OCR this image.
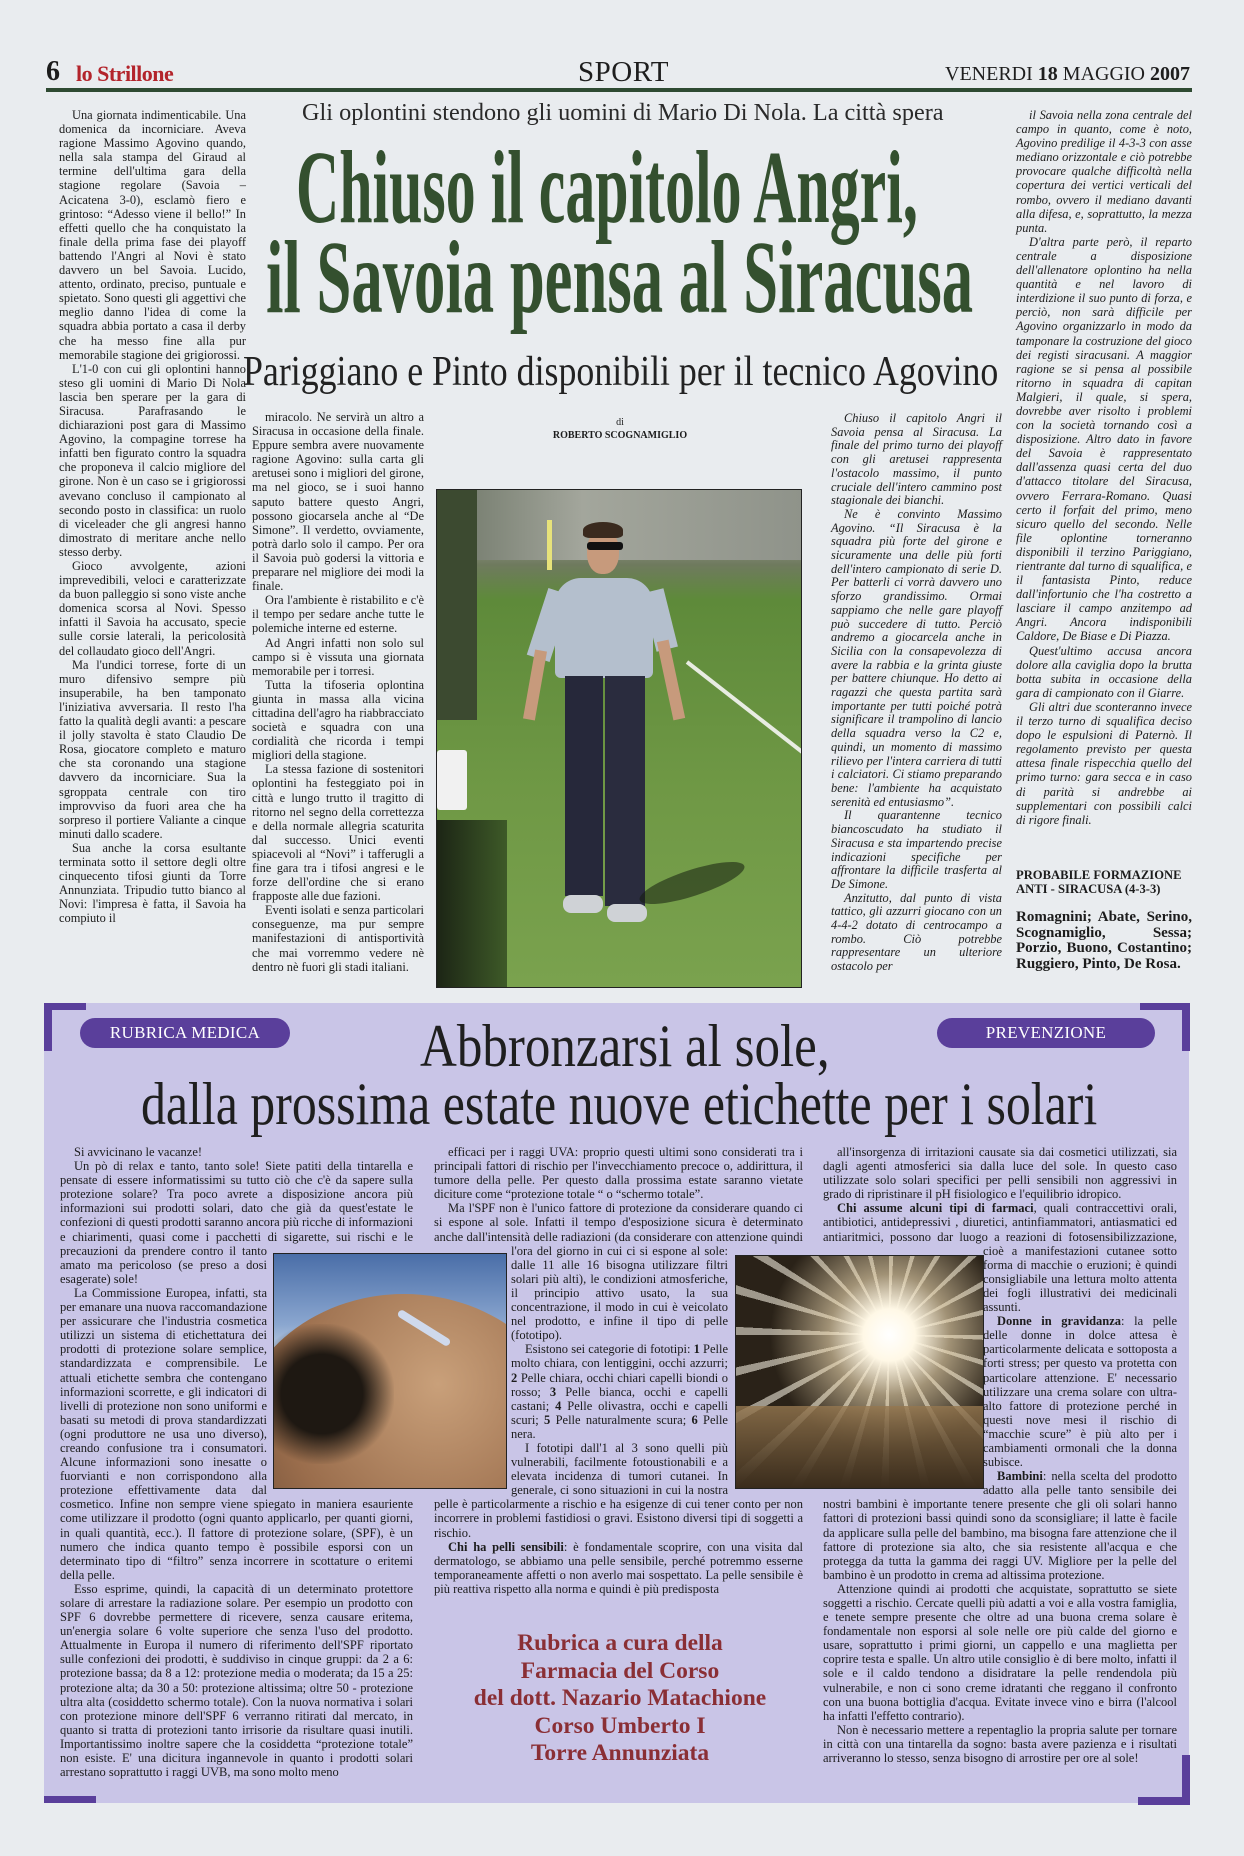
6 lo Strillone	SPORT	VENERDI 18 MAGGIO 2007
Gli oplontini stendono gli uomini di Mario Di Nola. La città spera
Chiuso il capitolo Angri,
il Savoia pensa al Siracusa
Pariggiano e Pinto disponibili per il tecnico Agovino
di
ROBERTO SCOGNAMIGLIO

Una giornata indimenticabile. Una domenica da incorniciare. Aveva ragione Massimo Agovino quando, nella sala stampa del Giraud al termine dell'ultima gara della stagione regolare (Savoia – Acicatena 3-0), esclamò fiero e grintoso: “Adesso viene il bello!” In effetti quello che ha conquistato la finale della prima fase dei playoff battendo l'Angri al Novi è stato davvero un bel Savoia. Lucido, attento, ordinato, preciso, puntuale e spietato. Sono questi gli aggettivi che meglio danno l'idea di come la squadra abbia portato a casa il derby che ha messo fine alla pur memorabile stagione dei grigiorossi.

L'1-0 con cui gli oplontini hanno steso gli uomini di Mario Di Nola lascia ben sperare per la gara di Siracusa. Parafrasando le dichiarazioni post gara di Massimo Agovino, la compagine torrese ha infatti ben figurato contro la squadra che proponeva il calcio migliore del girone. Non è un caso se i grigiorossi avevano concluso il campionato al secondo posto in classifica: un ruolo di viceleader che gli angresi hanno dimostrato di meritare anche nello stesso derby.

Gioco avvolgente, azioni imprevedibili, veloci e caratterizzate da buon palleggio si sono viste anche domenica scorsa al Novi. Spesso infatti il Savoia ha accusato, specie sulle corsie laterali, la pericolosità del collaudato gioco dell'Angri.

Ma l'undici torrese, forte di un muro difensivo sempre più insuperabile, ha ben tamponato l'iniziativa avversaria. Il resto l'ha fatto la qualità degli avanti: a pescare il jolly stavolta è stato Claudio De Rosa, giocatore completo e maturo che sta coronando una stagione davvero da incorniciare. Sua la sgroppata centrale con tiro improvviso da fuori area che ha sorpreso il portiere Valiante a cinque minuti dallo scadere.

Sua anche la corsa esultante terminata sotto il settore degli oltre cinquecento tifosi giunti da Torre Annunziata. Tripudio tutto bianco al Novi: l'impresa è fatta, il Savoia ha compiuto il

miracolo. Ne servirà un altro a Siracusa in occasione della finale. Eppure sembra avere nuovamente ragione Agovino: sulla carta gli aretusei sono i migliori del girone, ma nel gioco, se i suoi hanno saputo battere questo Angri, possono giocarsela anche al “De Simone”. Il verdetto, ovviamente, potrà darlo solo il campo. Per ora il Savoia può godersi la vittoria e preparare nel migliore dei modi la finale.

Ora l'ambiente è ristabilito e c'è il tempo per sedare anche tutte le polemiche interne ed esterne.

Ad Angri infatti non solo sul campo si è vissuta una giornata memorabile per i torresi.

Tutta la tifoseria oplontina giunta in massa alla vicina cittadina dell'agro ha riabbracciato società e squadra con una cordialità che ricorda i tempi migliori della stagione.

La stessa fazione di sostenitori oplontini ha festeggiato poi in città e lungo trutto il tragitto di ritorno nel segno della correttezza e della normale allegria scaturita dal successo. Unici eventi spiacevoli al “Novi” i tafferugli a fine gara tra i tifosi angresi e le forze dell'ordine che si erano frapposte alle due fazioni.

Eventi isolati e senza particolari conseguenze, ma pur sempre manifestazioni di antisportività che mai vorremmo vedere nè dentro nè fuori gli stadi italiani.

Chiuso il capitolo Angri il Savoia pensa al Siracusa. La finale del primo turno dei playoff con gli aretusei rappresenta l'ostacolo massimo, il punto cruciale dell'intero cammino post stagionale dei bianchi.

Ne è convinto Massimo Agovino. “Il Siracusa è la squadra più forte del girone e sicuramente una delle più forti dell'intero campionato di serie D. Per batterli ci vorrà davvero uno sforzo grandissimo. Ormai sappiamo che nelle gare playoff può succedere di tutto. Perciò andremo a giocarcela anche in Sicilia con la consapevolezza di avere la rabbia e la grinta giuste per battere chiunque. Ho detto ai ragazzi che questa partita sarà importante per tutti poiché potrà significare il trampolino di lancio della squadra verso la C2 e, quindi, un momento di massimo rilievo per l'intera carriera di tutti i calciatori. Ci stiamo preparando bene: l'ambiente ha acquistato serenità ed entusiasmo”.

Il quarantenne tecnico biancoscudato ha studiato il Siracusa e sta impartendo precise indicazioni specifiche per affrontare la difficile trasferta al De Simone.

Anzitutto, dal punto di vista tattico, gli azzurri giocano con un 4-4-2 dotato di centrocampo a rombo. Ciò potrebbe rappresentare un ulteriore ostacolo per

il Savoia nella zona centrale del campo in quanto, come è noto, Agovino predilige il 4-3-3 con asse mediano orizzontale e ciò potrebbe provocare qualche difficoltà nella copertura dei vertici verticali del rombo, ovvero il mediano davanti alla difesa, e, soprattutto, la mezza punta.

D'altra parte però, il reparto centrale a disposizione dell'allenatore oplontino ha nella quantità e nel lavoro di interdizione il suo punto di forza, e perciò, non sarà difficile per Agovino organizzarlo in modo da tamponare la costruzione del gioco dei registi siracusani. A maggior ragione se si pensa al possibile ritorno in squadra di capitan Malgieri, il quale, si spera, dovrebbe aver risolto i problemi con la società tornando così a disposizione. Altro dato in favore del Savoia è rappresentato dall'assenza quasi certa del duo d'attacco titolare del Siracusa, ovvero Ferrara-Romano. Quasi certo il forfait del primo, meno sicuro quello del secondo. Nelle file oplontine torneranno disponibili il terzino Pariggiano, rientrante dal turno di squalifica, e il fantasista Pinto, reduce dall'infortunio che l'ha costretto a lasciare il campo anzitempo ad Angri. Ancora indisponibili Caldore, De Biase e Di Piazza.

Quest'ultimo accusa ancora dolore alla caviglia dopo la brutta botta subita in occasione della gara di campionato con il Giarre.

Gli altri due sconteranno invece il terzo turno di squalifica deciso dopo le espulsioni di Paternò. Il regolamento previsto per questa attesa finale rispecchia quello del primo turno: gara secca e in caso di parità si andrebbe ai supplementari con possibili calci di rigore finali.

PROBABILE FORMAZIONE ANTI - SIRACUSA (4-3-3)
Romagnini; Abate, Serino, Scognamiglio, Sessa; Porzio, Buono, Costantino; Ruggiero, Pinto, De Rosa.
RUBRICA MEDICA	PREVENZIONE
Abbronzarsi al sole,
dalla prossima estate nuove etichette per i solari

Si avvicinano le vacanze!

Un pò di relax e tanto, tanto sole! Siete patiti della tintarella e pensate di essere informatissimi su tutto ciò che c'è da sapere sulla protezione solare? Tra poco avrete a disposizione ancora più informazioni sui prodotti solari, dato che già da quest'estate le confezioni di questi prodotti saranno ancora più ricche di informazioni e chiarimenti, quasi come i pacchetti di sigarette, sui rischi e le precauzioni da prendere contro il tanto amato ma pericoloso (se preso a dosi esagerate) sole!

La Commissione Europea, infatti, sta per emanare una nuova raccomandazione per assicurare che l'industria cosmetica utilizzi un sistema di etichettatura dei prodotti di protezione solare semplice, standardizzata e comprensibile. Le attuali etichette sembra che contengano informazioni scorrette, e gli indicatori di livelli di protezione non sono uniformi e basati su metodi di prova standardizzati (ogni produttore ne usa uno diverso), creando confusione tra i consumatori. Alcune informazioni sono inesatte o fuorvianti e non corrispondono alla protezione effettivamente data dal cosmetico. Infine non sempre viene spiegato in maniera esauriente come utilizzare il prodotto (ogni quanto applicarlo, per quanti giorni, in quali quantità, ecc.). Il fattore di protezione solare, (SPF), è un numero che indica quanto tempo è possibile esporsi con un determinato tipo di “filtro” senza incorrere in scottature o eritemi della pelle.

Esso esprime, quindi, la capacità di un determinato protettore solare di arrestare la radiazione solare. Per esempio un prodotto con SPF 6 dovrebbe permettere di ricevere, senza causare eritema, un'energia solare 6 volte superiore che senza l'uso del prodotto. Attualmente in Europa il numero di riferimento dell'SPF riportato sulle confezioni dei prodotti, è suddiviso in cinque gruppi: da 2 a 6: protezione bassa; da 8 a 12: protezione media o moderata; da 15 a 25: protezione alta; da 30 a 50: protezione altissima; oltre 50 - protezione ultra alta (cosiddetto schermo totale). Con la nuova normativa i solari con protezione minore dell'SPF 6 verranno ritirati dal mercato, in quanto si tratta di protezioni tanto irrisorie da risultare quasi inutili. Importantissimo inoltre sapere che la cosiddetta “protezione totale” non esiste. E' una dicitura ingannevole in quanto i prodotti solari arrestano soprattutto i raggi UVB, ma sono molto meno

efficaci per i raggi UVA: proprio questi ultimi sono considerati tra i principali fattori di rischio per l'invecchiamento precoce o, addirittura, il tumore della pelle. Per questo dalla prossima estate saranno vietate diciture come “protezione totale “ o “schermo totale”.

Ma l'SPF non è l'unico fattore di protezione da considerare quando ci si espone al sole. Infatti il tempo d'esposizione sicura è determinato anche dall'intensità delle radiazioni (da considerare con attenzione quindi l'ora del giorno in cui ci si espone al sole: dalle 11 alle 16 bisogna utilizzare filtri solari più alti), le condizioni atmosferiche, il principio attivo usato, la sua concentrazione, il modo in cui è veicolato nel prodotto, e infine il tipo di pelle (fototipo).

Esistono sei categorie di fototipi: 1 Pelle molto chiara, con lentiggini, occhi azzurri; 2 Pelle chiara, occhi chiari capelli biondi o rosso; 3 Pelle bianca, occhi e capelli castani; 4 Pelle olivastra, occhi e capelli scuri; 5 Pelle naturalmente scura; 6 Pelle nera.

I fototipi dall'1 al 3 sono quelli più vulnerabili, facilmente fotoustionabili e a elevata incidenza di tumori cutanei. In generale, ci sono situazioni in cui la nostra pelle è particolarmente a rischio e ha esigenze di cui tener conto per non incorrere in problemi fastidiosi o gravi. Esistono diversi tipi di soggetti a rischio.

Chi ha pelli sensibili: è fondamentale scoprire, con una visita dal dermatologo, se abbiamo una pelle sensibile, perché potremmo esserne temporaneamente affetti o non averlo mai sospettato. La pelle sensibile è più reattiva rispetto alla norma e quindi è più predisposta

all'insorgenza di irritazioni causate sia dai cosmetici utilizzati, sia dagli agenti atmosferici sia dalla luce del sole. In questo caso utilizzate solo solari specifici per pelli sensibili non aggressivi in grado di ripristinare il pH fisiologico e l'equilibrio idropico.

Chi assume alcuni tipi di farmaci, quali contraccettivi orali, antibiotici, antidepressivi , diuretici, antinfiammatori, antiasmatici ed antiaritmici, possono dar luogo a reazioni di fotosensibilizzazione, cioè a manifestazioni cutanee sotto forma di macchie o eruzioni; è quindi consigliabile una lettura molto attenta dei fogli illustrativi dei medicinali assunti.

Donne in gravidanza: la pelle delle donne in dolce attesa è particolarmente delicata e sottoposta a forti stress; per questo va protetta con particolare attenzione. E' necessario utilizzare una crema solare con ultra-alto fattore di protezione perché in questi nove mesi il rischio di “macchie scure” è più alto per i cambiamenti ormonali che la donna subisce.

Bambini: nella scelta del prodotto adatto alla pelle tanto sensibile dei nostri bambini è importante tenere presente che gli oli solari hanno fattori di protezioni bassi quindi sono da sconsigliare; il latte è facile da applicare sulla pelle del bambino, ma bisogna fare attenzione che il fattore di protezione sia alto, che sia resistente all'acqua e che protegga da tutta la gamma dei raggi UV. Migliore per la pelle del bambino è un prodotto in crema ad altissima protezione.

Attenzione quindi ai prodotti che acquistate, soprattutto se siete soggetti a rischio. Cercate quelli più adatti a voi e alla vostra famiglia, e tenete sempre presente che oltre ad una buona crema solare è fondamentale non esporsi al sole nelle ore più calde del giorno e usare, soprattutto i primi giorni, un cappello e una maglietta per coprire testa e spalle. Un altro utile consiglio è di bere molto, infatti il sole e il caldo tendono a disidratare la pelle rendendola più vulnerabile, e non ci sono creme idratanti che reggano il confronto con una buona bottiglia d'acqua. Evitate invece vino e birra (l'alcool ha infatti l'effetto contrario).

Non è necessario mettere a repentaglio la propria salute per tornare in città con una tintarella da sogno: basta avere pazienza e i risultati arriveranno lo stesso, senza bisogno di arrostire per ore al sole!

Rubrica a cura della
Farmacia del Corso
del dott. Nazario Matachione
Corso Umberto I
Torre Annunziata
